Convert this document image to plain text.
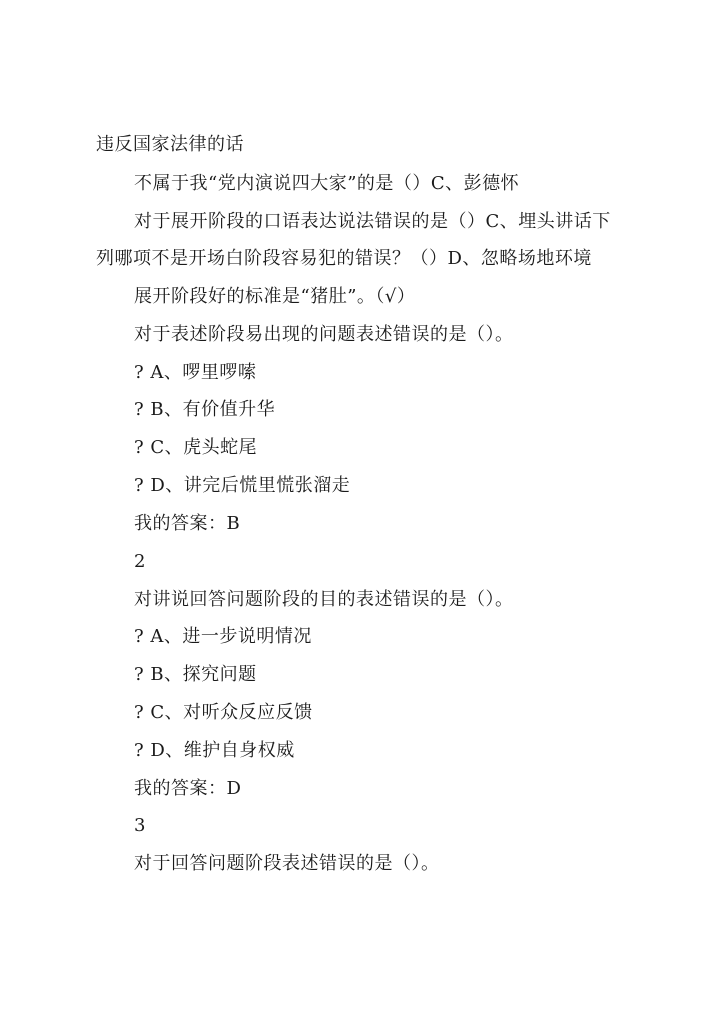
违反国家法律的话
不属于我“党内演说四大家”的是（）C、彭德怀
对于展开阶段的口语表达说法错误的是（）C、埋头讲话下
列哪项不是开场白阶段容易犯的错误？（）D、忽略场地环境
展开阶段好的标准是“猪肚”。（√）
对于表述阶段易出现的问题表述错误的是（）。
? A、啰里啰嗦
? B、有价值升华
? C、虎头蛇尾
? D、讲完后慌里慌张溜走
我的答案：B
2
对讲说回答问题阶段的目的表述错误的是（）。
? A、进一步说明情况
? B、探究问题
? C、对听众反应反馈
? D、维护自身权威
我的答案：D
3
对于回答问题阶段表述错误的是（）。
